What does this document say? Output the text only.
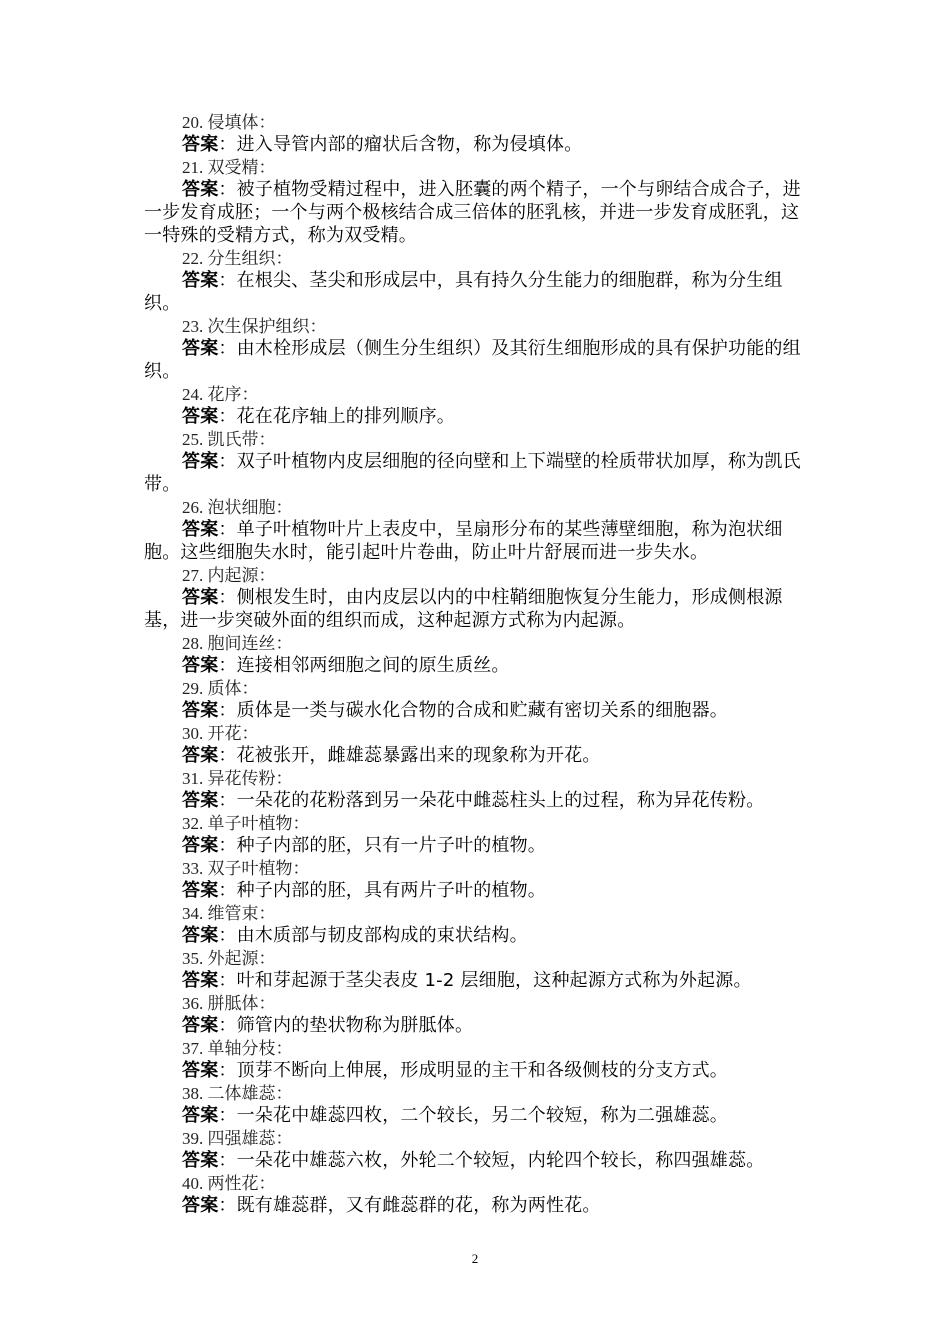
20. 侵填体：
答案：进入导管内部的瘤状后含物，称为侵填体。
21. 双受精：
答案：被子植物受精过程中，进入胚囊的两个精子，一个与卵结合成合子，进一步发育成胚；一个与两个极核结合成三倍体的胚乳核，并进一步发育成胚乳，这一特殊的受精方式，称为双受精。
22. 分生组织：
答案：在根尖、茎尖和形成层中，具有持久分生能力的细胞群，称为分生组织。
23. 次生保护组织：
答案：由木栓形成层（侧生分生组织）及其衍生细胞形成的具有保护功能的组织。
24. 花序：
答案：花在花序轴上的排列顺序。
25. 凯氏带：
答案：双子叶植物内皮层细胞的径向壁和上下端壁的栓质带状加厚，称为凯氏带。
26. 泡状细胞：
答案：单子叶植物叶片上表皮中，呈扇形分布的某些薄壁细胞，称为泡状细胞。这些细胞失水时，能引起叶片卷曲，防止叶片舒展而进一步失水。
27. 内起源：
答案：侧根发生时，由内皮层以内的中柱鞘细胞恢复分生能力，形成侧根源基，进一步突破外面的组织而成，这种起源方式称为内起源。
28. 胞间连丝：
答案：连接相邻两细胞之间的原生质丝。
29. 质体：
答案：质体是一类与碳水化合物的合成和贮藏有密切关系的细胞器。
30. 开花：
答案：花被张开，雌雄蕊暴露出来的现象称为开花。
31. 异花传粉：
答案：一朵花的花粉落到另一朵花中雌蕊柱头上的过程，称为异花传粉。
32. 单子叶植物：
答案：种子内部的胚，只有一片子叶的植物。
33. 双子叶植物：
答案：种子内部的胚，具有两片子叶的植物。
34. 维管束：
答案：由木质部与韧皮部构成的束状结构。
35. 外起源：
答案：叶和芽起源于茎尖表皮 1-2 层细胞，这种起源方式称为外起源。
36. 胼胝体：
答案：筛管内的垫状物称为胼胝体。
37. 单轴分枝：
答案：顶芽不断向上伸展，形成明显的主干和各级侧枝的分支方式。
38. 二体雄蕊：
答案：一朵花中雄蕊四枚，二个较长，另二个较短，称为二强雄蕊。
39. 四强雄蕊：
答案：一朵花中雄蕊六枚，外轮二个较短，内轮四个较长，称四强雄蕊。
40. 两性花：
答案：既有雄蕊群，又有雌蕊群的花，称为两性花。
2
